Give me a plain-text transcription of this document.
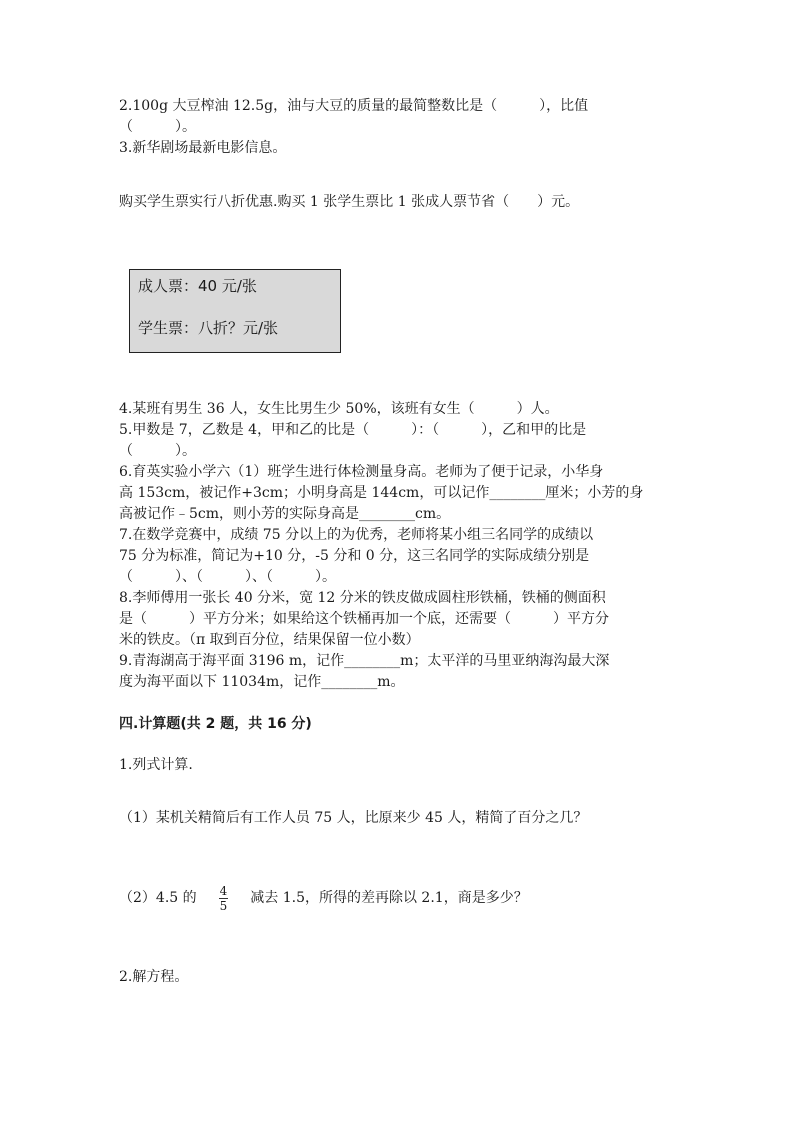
2.100g 大豆榨油 12.5g，油与大豆的质量的最简整数比是（　　　），比值
（　　　）。
3.新华剧场最新电影信息。
购买学生票实行八折优惠.购买 1 张学生票比 1 张成人票节省（　　）元。
成人票：40 元/张
学生票：八折？元/张
4.某班有男生 36 人，女生比男生少 50%，该班有女生（　　　）人。
5.甲数是 7，乙数是 4，甲和乙的比是（　　　）：（　　　），乙和甲的比是
（　　　）。
6.育英实验小学六（1）班学生进行体检测量身高。老师为了便于记录，小华身
高 153cm，被记作+3cm；小明身高是 144cm，可以记作________厘米；小芳的身
高被记作﹣5cm，则小芳的实际身高是________cm。
7.在数学竞赛中，成绩 75 分以上的为优秀，老师将某小组三名同学的成绩以
75 分为标准，简记为+10 分，-5 分和 0 分，这三名同学的实际成绩分别是
（　　　）、（　　　）、（　　　）。
8.李师傅用一张长 40 分米，宽 12 分米的铁皮做成圆柱形铁桶，铁桶的侧面积
是（　　　）平方分米；如果给这个铁桶再加一个底，还需要（　　　）平方分
米的铁皮。（π 取到百分位，结果保留一位小数）
9.青海湖高于海平面 3196 m，记作________m；太平洋的马里亚纳海沟最大深
度为海平面以下 11034m，记作________m。
四.计算题(共 2 题，共 16 分)
1.列式计算.
（1）某机关精简后有工作人员 75 人，比原来少 45 人，精简了百分之几？
（2）4.5 的 $\frac{4}{5}$ 减去 1.5，所得的差再除以 2.1，商是多少？
2.解方程。
